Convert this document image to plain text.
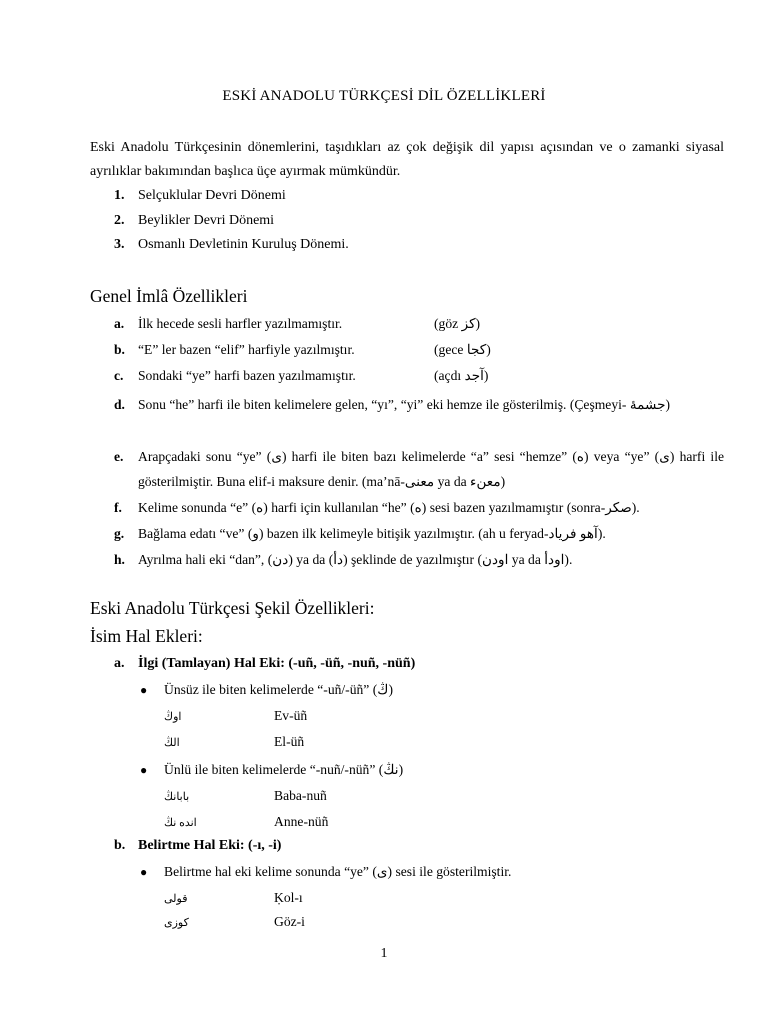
ESKİ ANADOLU TÜRKÇESİ DİL ÖZELLİKLERİ
Eski Anadolu Türkçesinin dönemlerini, taşıdıkları az çok değişik dil yapısı açısından ve o zamanki siyasal ayrılıklar bakımından başlıca üçe ayırmak mümkündür.
1. Selçuklular Devri Dönemi
2. Beylikler Devri Dönemi
3. Osmanlı Devletinin Kuruluş Dönemi.
Genel İmlâ Özellikleri
a.	İlk hecede sesli harfler yazılmamıştır.	(göz كز)
b. “E” ler bazen “elif” harfiyle yazılmıştır.	(gece كجا)
c.	Sondaki “ye” harfi bazen yazılmamıştır.	(açdı آجد)
d. Sonu “he” harfi ile biten kelimelere gelen, “yı”, “yi” eki hemze ile gösterilmiş. (Çeşmeyi- جشمۀ)
e.	Arapçadaki sonu “ye” (ى) harfi ile biten bazı kelimelerde “a” sesi “hemze” (ه) veya “ye” (ى) harfi ile gösterilmiştir. Buna elif-i maksure denir. (ma’nā-معنى ya da معنء)
f.	Kelime sonunda “e” (ه) harfi için kullanılan “he” (ه) sesi bazen yazılmamıştır (sonra-صكر).
g.	Bağlama edatı “ve” (و) bazen ilk kelimeyle bitişik yazılmıştır. (ah u feryad-آهو فریاد).
h. Ayrılma hali eki “dan”, (دن) ya da (دأ) şeklinde de yazılmıştır (اودن ya da اودأ).
Eski Anadolu Türkçesi Şekil Özellikleri:
İsim Hal Ekleri:
a. İlgi (Tamlayan) Hal Eki: (-uñ, -üñ, -nuñ, -nüñ)
● Ünsüz ile biten kelimelerde “-uñ/-üñ” (ڭ)
اوڭ	Ev-üñ
الڭ	El-üñ
● Ünlü ile biten kelimelerde “-nuñ/-nüñ” (نڭ)
بابانڭ	Baba-nuñ
انده نڭ	Anne-nüñ
b. Belirtme Hal Eki: (-ı, -i)
● Belirtme hal eki kelime sonunda “ye” (ى) sesi ile gösterilmiştir.
قولى	Ḳol-ı
كوزى	Göz-i
1
